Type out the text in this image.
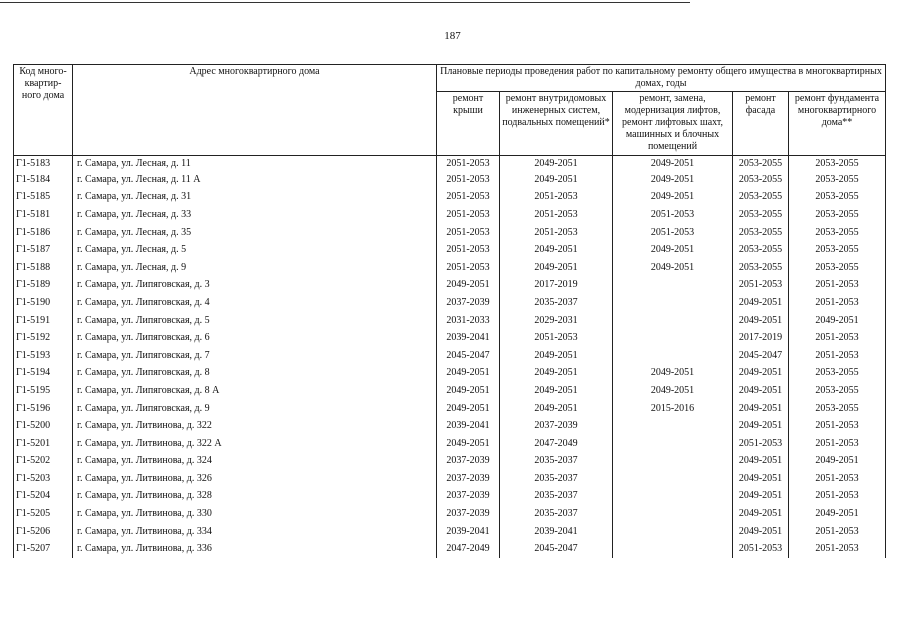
187
Код много-квартир-ного дома	Адрес многоквартирного дома	Плановые периоды проведения работ по капитальному ремонту общего имущества в многоквартирных домах, годы				
		ремонт крыши	ремонт внутридомовых инженерных систем, подвальных помещений*	ремонт, замена, модернизация лифтов, ремонт лифтовых шахт, машинных и блочных помещений	ремонт фасада	ремонт фундамента многоквартирного дома**
Г1-5183	г. Самара, ул. Лесная, д. 11	2051-2053	2049-2051	2049-2051	2053-2055	2053-2055
Г1-5184	г. Самара, ул. Лесная, д. 11 А	2051-2053	2049-2051	2049-2051	2053-2055	2053-2055
Г1-5185	г. Самара, ул. Лесная, д. 31	2051-2053	2051-2053	2049-2051	2053-2055	2053-2055
Г1-5181	г. Самара, ул. Лесная, д. 33	2051-2053	2051-2053	2051-2053	2053-2055	2053-2055
Г1-5186	г. Самара, ул. Лесная, д. 35	2051-2053	2051-2053	2051-2053	2053-2055	2053-2055
Г1-5187	г. Самара, ул. Лесная, д. 5	2051-2053	2049-2051	2049-2051	2053-2055	2053-2055
Г1-5188	г. Самара, ул. Лесная, д. 9	2051-2053	2049-2051	2049-2051	2053-2055	2053-2055
Г1-5189	г. Самара, ул. Липяговская, д. 3	2049-2051	2017-2019		2051-2053	2051-2053
Г1-5190	г. Самара, ул. Липяговская, д. 4	2037-2039	2035-2037		2049-2051	2051-2053
Г1-5191	г. Самара, ул. Липяговская, д. 5	2031-2033	2029-2031		2049-2051	2049-2051
Г1-5192	г. Самара, ул. Липяговская, д. 6	2039-2041	2051-2053		2017-2019	2051-2053
Г1-5193	г. Самара, ул. Липяговская, д. 7	2045-2047	2049-2051		2045-2047	2051-2053
Г1-5194	г. Самара, ул. Липяговская, д. 8	2049-2051	2049-2051	2049-2051	2049-2051	2053-2055
Г1-5195	г. Самара, ул. Липяговская, д. 8 А	2049-2051	2049-2051	2049-2051	2049-2051	2053-2055
Г1-5196	г. Самара, ул. Липяговская, д. 9	2049-2051	2049-2051	2015-2016	2049-2051	2053-2055
Г1-5200	г. Самара, ул. Литвинова, д. 322	2039-2041	2037-2039		2049-2051	2051-2053
Г1-5201	г. Самара, ул. Литвинова, д. 322 А	2049-2051	2047-2049		2051-2053	2051-2053
Г1-5202	г. Самара, ул. Литвинова, д. 324	2037-2039	2035-2037		2049-2051	2049-2051
Г1-5203	г. Самара, ул. Литвинова, д. 326	2037-2039	2035-2037		2049-2051	2051-2053
Г1-5204	г. Самара, ул. Литвинова, д. 328	2037-2039	2035-2037		2049-2051	2051-2053
Г1-5205	г. Самара, ул. Литвинова, д. 330	2037-2039	2035-2037		2049-2051	2049-2051
Г1-5206	г. Самара, ул. Литвинова, д. 334	2039-2041	2039-2041		2049-2051	2051-2053
Г1-5207	г. Самара, ул. Литвинова, д. 336	2047-2049	2045-2047		2051-2053	2051-2053
